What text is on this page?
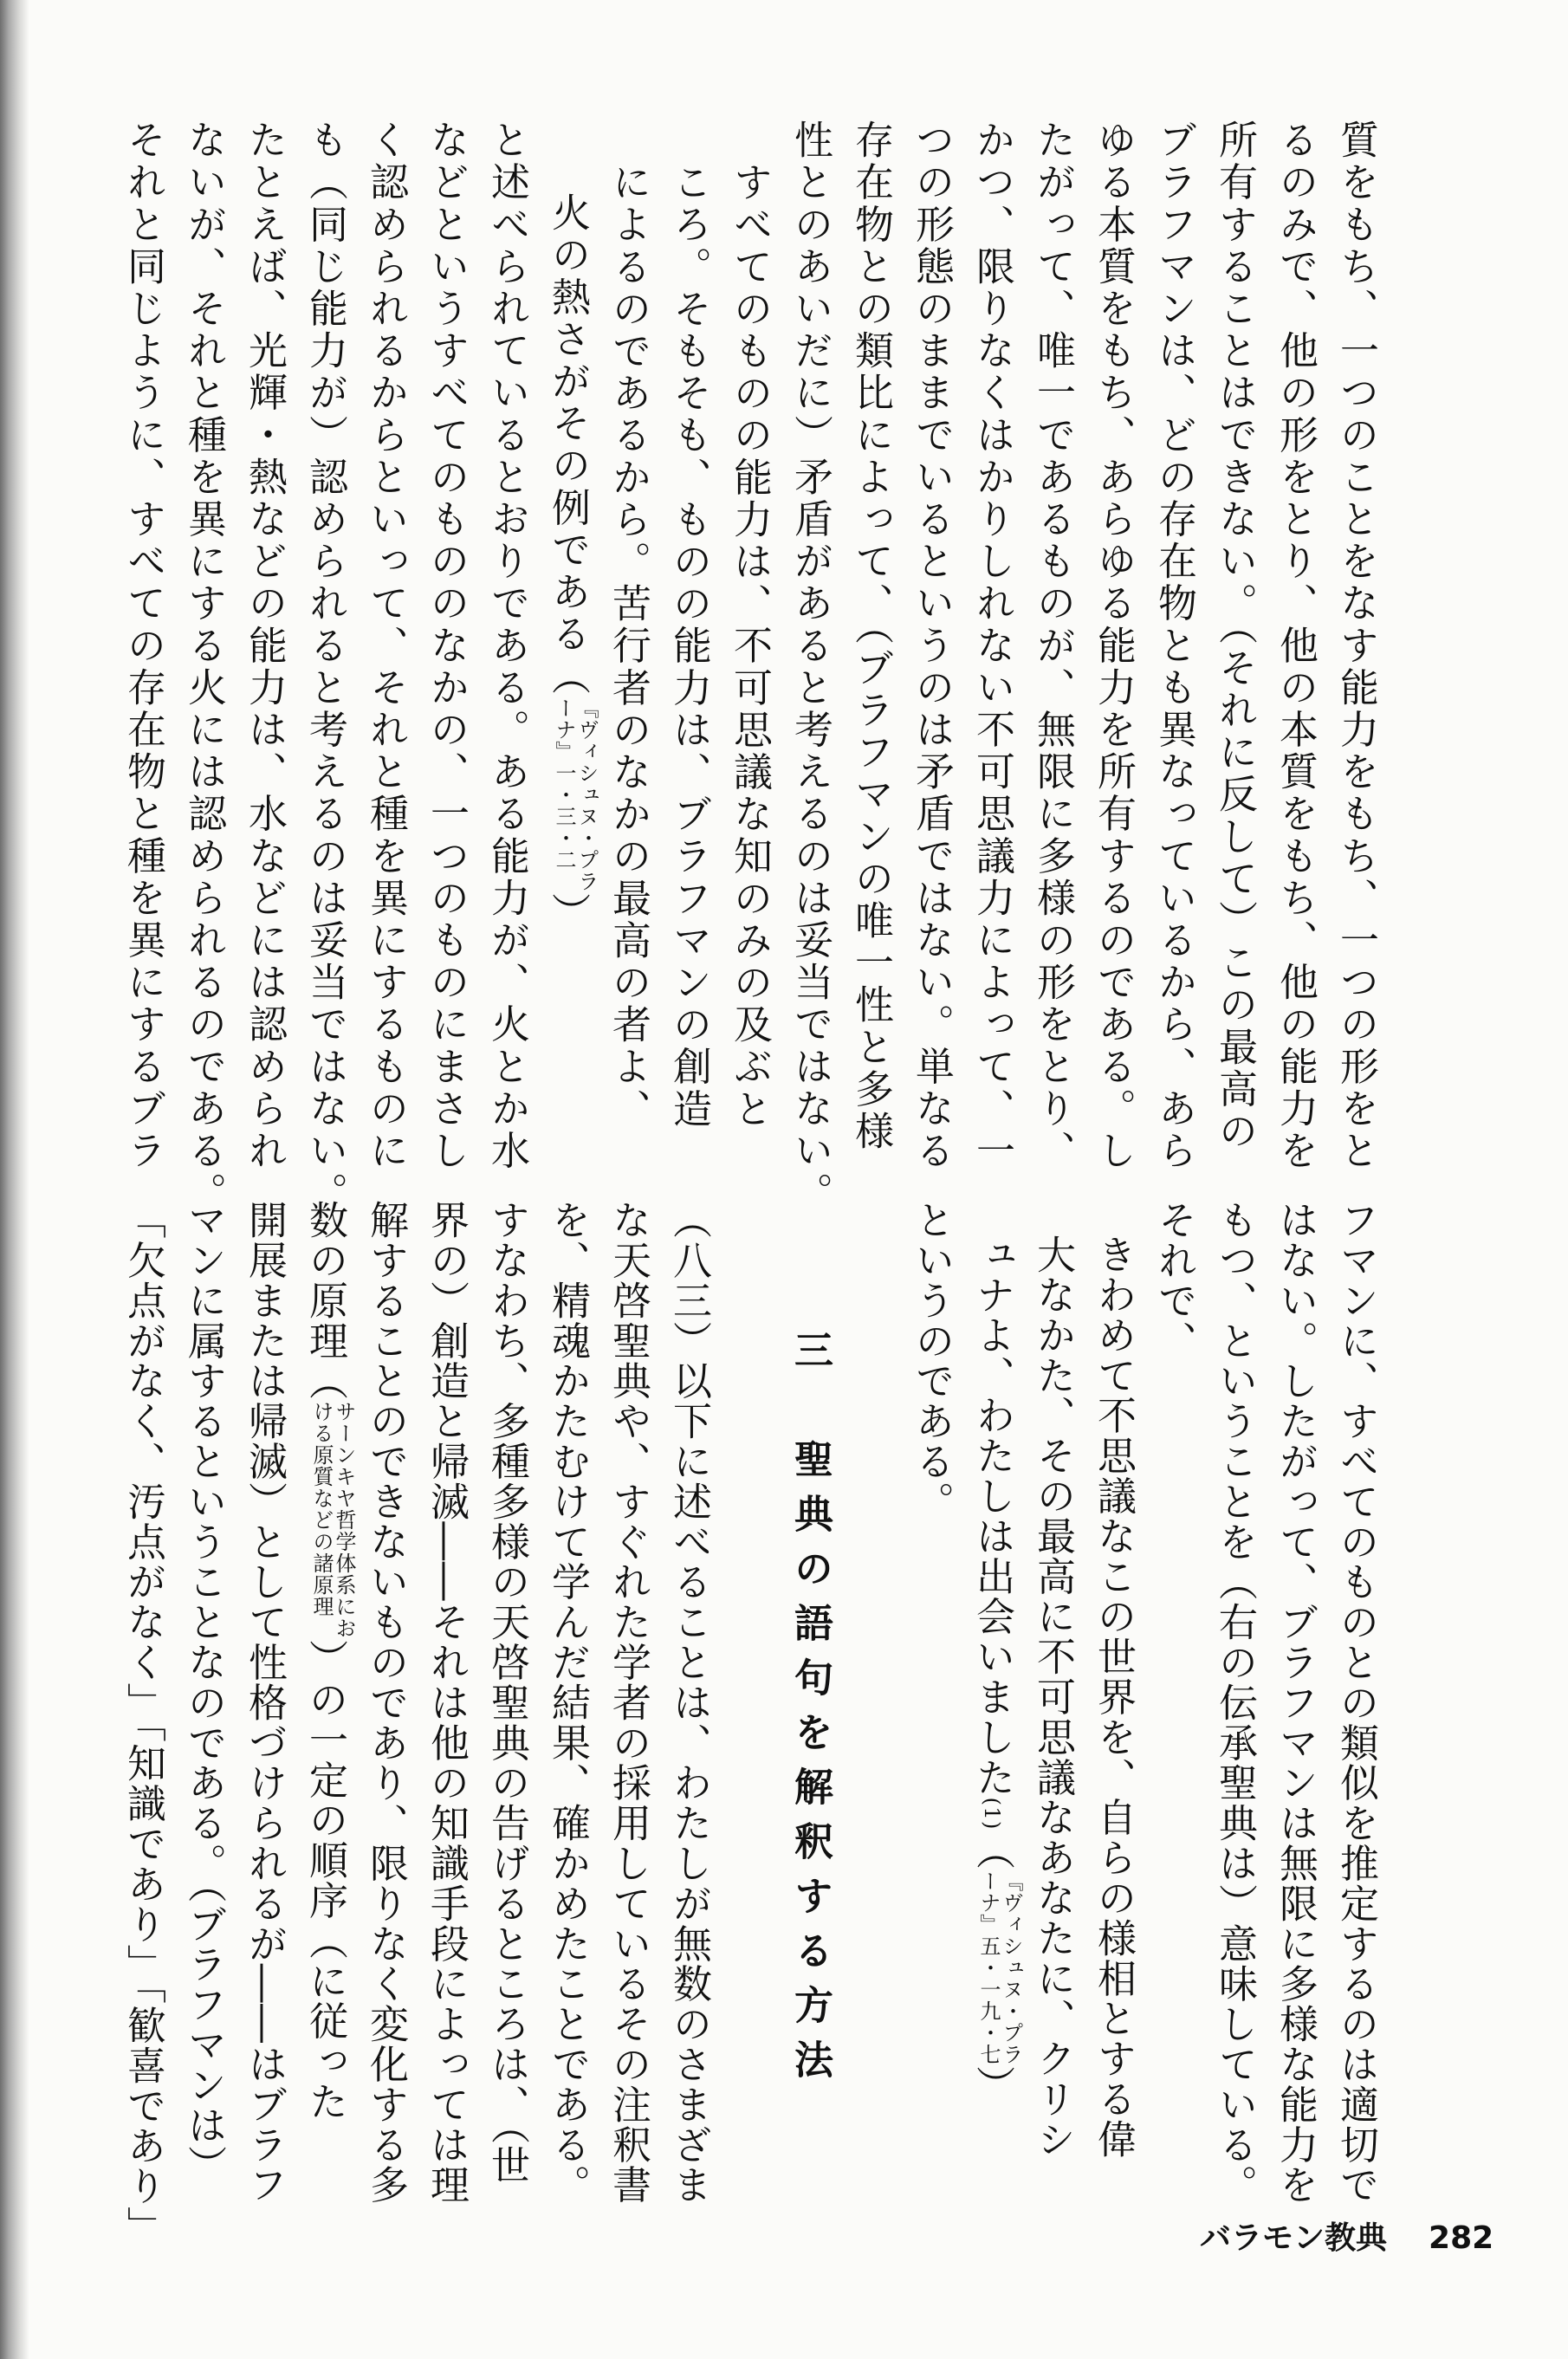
質をもち、一つのことをなす能力をもち、一つの形をと
るのみで、他の形をとり、他の本質をもち、他の能力を
所有することはできない。（それに反して）この最高の
ブラフマンは、どの存在物とも異なっているから、あら
ゆる本質をもち、あらゆる能力を所有するのである。し
たがって、唯一であるものが、無限に多様の形をとり、
かつ、限りなくはかりしれない不可思議力によって、一
つの形態のままでいるというのは矛盾ではない。単なる
存在物との類比によって、（ブラフマンの唯一性と多様
性とのあいだに）矛盾があると考えるのは妥当ではない。
すべてのものの能力は、不可思議な知のみの及ぶと
ころ。そもそも、ものの能力は、ブラフマンの創造
によるのであるから。苦行者のなかの最高の者よ、
火の熱さがその例である（ 『ヴィシュヌ・プラーナ』一・三・二 ）
と述べられているとおりである。ある能力が、火とか水
などというすべてのもののなかの、一つのものにまさし
く認められるからといって、それと種を異にするものに
も（同じ能力が）認められると考えるのは妥当ではない。
たとえば、光輝・熱などの能力は、水などには認められ
ないが、それと種を異にする火には認められるのである。
それと同じように、すべての存在物と種を異にするブラ
フマンに、すべてのものとの類似を推定するのは適切で
はない。したがって、ブラフマンは無限に多様な能力を
もつ、ということを（右の伝承聖典は）意味している。
それで、
きわめて不思議なこの世界を、自らの様相とする偉
大なかた、その最高に不可思議なあなたに、クリシ
ュナよ、わたしは出会いました(1)（ 『ヴィシュヌ・プラーナ』五・一九・七 ）
というのである。
三　聖典の語句を解釈する方法
（八三）以下に述べることは、わたしが無数のさまざま
な天啓聖典や、すぐれた学者の採用しているその注釈書
を、精魂かたむけて学んだ結果、確かめたことである。
すなわち、多種多様の天啓聖典の告げるところは、（世
界の）創造と帰滅――それは他の知識手段によっては理
解することのできないものであり、限りなく変化する多
数の原理（ サーンキヤ哲学体系における原質などの諸原理 ）の一定の順序（に従った
開展または帰滅）として性格づけられるが――はブラフ
マンに属するということなのである。（ブラフマンは）
「欠点がなく、汚点がなく」「知識であり」「歓喜であり」	バラモン教典 282
